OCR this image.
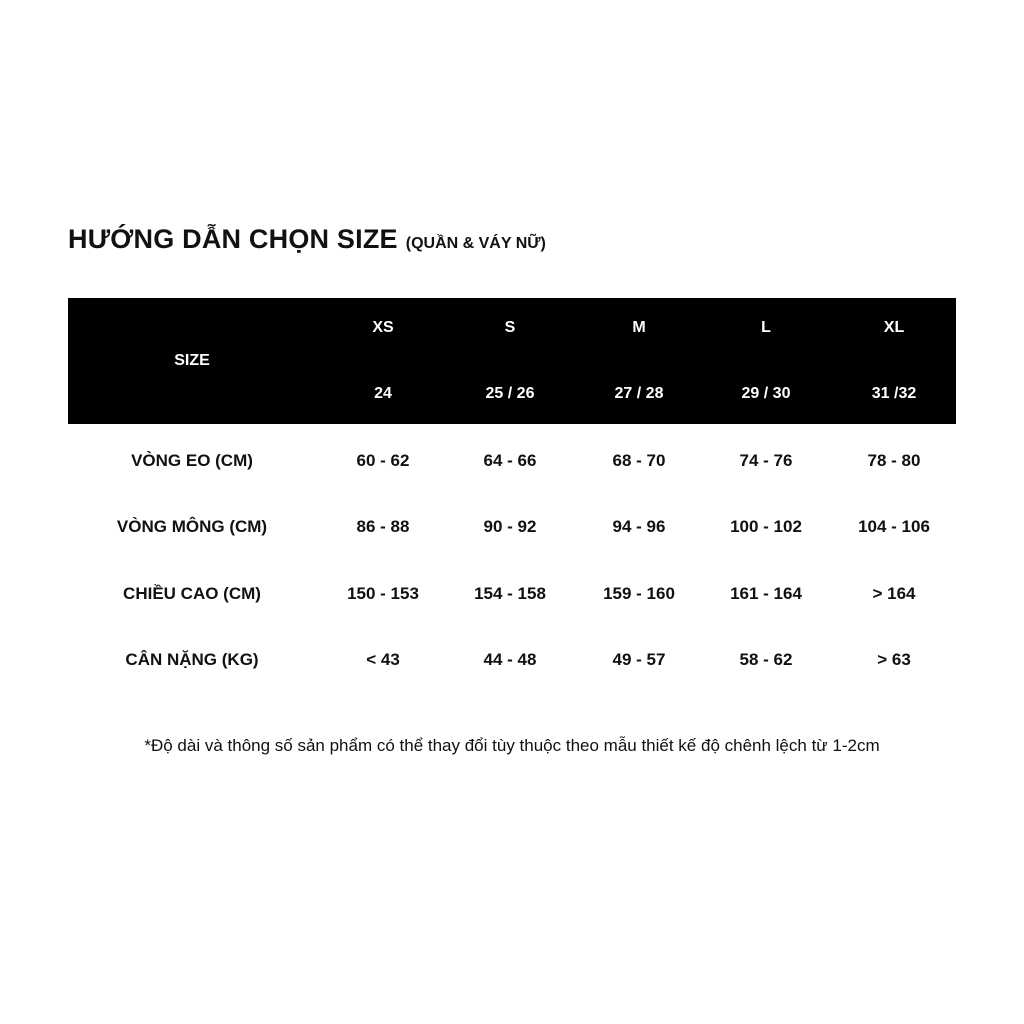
HƯỚNG DẪN CHỌN SIZE (QUẦN & VÁY NỮ)
SIZE
XS	S	M	L	XL
24	25 / 26	27 / 28	29 / 30	31 /32
VÒNG EO (CM)	60 - 62	64 - 66	68 - 70	74 - 76	78 - 80
VÒNG MÔNG (CM)	86 - 88	90 - 92	94 - 96	100 - 102	104 - 106
CHIỀU CAO (CM)	150 - 153	154 - 158	159 - 160	161 - 164	> 164
CÂN NẶNG (KG)	< 43	44 - 48	49 - 57	58 - 62	> 63
*Độ dài và thông số sản phẩm có thể thay đổi tùy thuộc theo mẫu thiết kế độ chênh lệch từ 1-2cm
